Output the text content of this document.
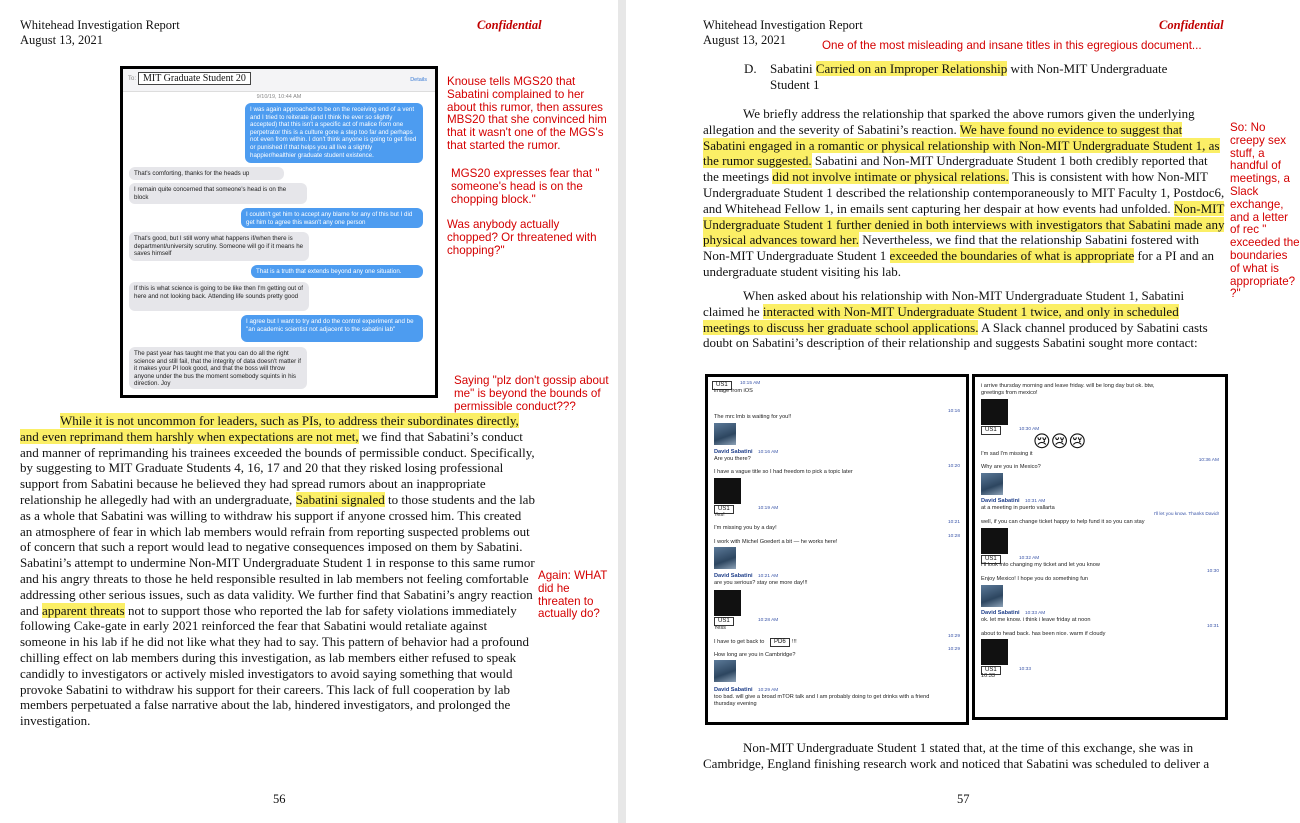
Whitehead Investigation Report
August 13, 2021
Confidential
To: MIT Graduate Student 20	Details
9/10/19, 10:44 AM
I was again approached to be on the receiving end of a vent and I tried to reiterate (and I think he ever so slightly accepted) that this isn't a specific act of malice from one perpetrator this is a culture gone a step too far and perhaps not even from within. I don't think anyone is going to get fired or punished if that helps you all live a slightly happier/healthier graduate student existence.
That's comforting, thanks for the heads up
I remain quite concerned that someone's head is on the block
I couldn't get him to accept any blame for any of this but I did get him to agree this wasn't any one person
That's good, but I still worry what happens if/when there is department/university scrutiny. Someone will go if it means he saves himself
That is a truth that extends beyond any one situation.
If this is what science is going to be like then I'm getting out of here and not looking back. Attending life sounds pretty good
I agree but I want to try and do the control experiment and be "an academic scientist not adjacent to the sabatini lab"
The past year has taught me that you can do all the right science and still fail, that the integrity of data doesn't matter if it makes your PI look good, and that the boss will throw anyone under the bus the moment somebody squints in his direction. Joy
Knouse tells MGS20 that Sabatini complained to her about this rumor, then assures MBS20 that she convinced him that it wasn't one of the MGS's that started the rumor.
MGS20 expresses fear that " someone's head is on the chopping block."
Was anybody actually chopped? Or threatened with chopping?"
Saying "plz don't gossip about me" is beyond the bounds of permissible conduct???

While it is not uncommon for leaders, such as PIs, to address their subordinates directly, and even reprimand them harshly when expectations are not met, we find that Sabatini’s conduct and manner of reprimanding his trainees exceeded the bounds of permissible conduct. Specifically, by suggesting to MIT Graduate Students 4, 16, 17 and 20 that they risked losing professional support from Sabatini because he believed they had spread rumors about an inappropriate relationship he allegedly had with an undergraduate, Sabatini signaled to those students and the lab as a whole that Sabatini was willing to withdraw his support if anyone crossed him. This created an atmosphere of fear in which lab members would refrain from reporting suspected problems out of concern that such a report would lead to negative consequences imposed on them by Sabatini. Sabatini’s attempt to undermine Non-MIT Undergraduate Student 1 in response to this same rumor and his angry threats to those he held responsible resulted in lab members not feeling comfortable addressing other serious issues, such as data validity. We further find that Sabatini’s angry reaction and apparent threats not to support those who reported the lab for safety violations immediately following Cake-gate in early 2021 reinforced the fear that Sabatini would retaliate against someone in his lab if he did not like what they had to say. This pattern of behavior had a profound chilling effect on lab members during this investigation, as lab members either refused to speak candidly to investigators or actively misled investigators to avoid saying something that would provoke Sabatini to withdraw his support for their careers. This lack of full cooperation by lab members perpetuated a false narrative about the lab, hindered investigators, and prolonged the investigation.

Again: WHAT did he threaten to actually do?
56
Whitehead Investigation Report
August 13, 2021
Confidential
One of the most misleading and insane titles in this egregious document...
D.	Sabatini Carried on an Improper Relationship with Non-MIT Undergraduate Student 1

We briefly address the relationship that sparked the above rumors given the underlying allegation and the severity of Sabatini’s reaction. We have found no evidence to suggest that Sabatini engaged in a romantic or physical relationship with Non-MIT Undergraduate Student 1, as the rumor suggested. Sabatini and Non-MIT Undergraduate Student 1 both credibly reported that the meetings did not involve intimate or physical relations. This is consistent with how Non-MIT Undergraduate Student 1 described the relationship contemporaneously to MIT Faculty 1, Postdoc6, and Whitehead Fellow 1, in emails sent capturing her despair at how events had unfolded. Non-MIT Undergraduate Student 1 further denied in both interviews with investigators that Sabatini made any physical advances toward her. Nevertheless, we find that the relationship Sabatini fostered with Non-MIT Undergraduate Student 1 exceeded the boundaries of what is appropriate for a PI and an undergraduate student visiting his lab.

When asked about his relationship with Non-MIT Undergraduate Student 1, Sabatini claimed he interacted with Non-MIT Undergraduate Student 1 twice, and only in scheduled meetings to discuss her graduate school applications. A Slack channel produced by Sabatini casts doubt on Sabatini’s description of their relationship and suggests Sabatini sought more contact:

So: No creepy sex stuff, a handful of meetings, a Slack exchange, and a letter of rec " exceeded the boundaries of what is appropriate? ?"
US1	10:15 AM
image from iOS
The mrc lmb is waiting for you!!
10:16
David Sabatini 10:16 AM
Are you there?
I have a vague title so I had freedom to pick a topic later
10:20
US1	10:19 AM
Yes!
I'm missing you by a day!
10:21
I work with Michel Goedert a bit — he works here!
10:28
David Sabatini 10:21 AM
are you serious? stay one more day!!!
US1	10:28 AM
Yess
I have to get back to	PD6	!!!
10:29
How long are you in Cambridge?
10:29
David Sabatini 10:29 AM
too bad. will give a broad mTOR talk and I am probably doing to get drinks with a friend thursday evening
i arrive thursday morning and leave friday. will be long day but ok. btw, greetings from mexico!
US1	10:30 AM
😢😢😢
I'm sad I'm missing it
10:36 AM
Why are you in Mexico?
David Sabatini 10:31 AM
at a meeting in puerto vallarta
I'll let you know. Thanks David!
well, if you can change ticket happy to help fund it so you can stay
US1	10:32 AM
I'll look into changing my ticket and let you know
10:30
Enjoy Mexico! I hope you do something fun
David Sabatini 10:33 AM
ok. let me know. i think i leave friday at noon
10:31
about to head back. has been nice. warm if cloudy
US1	10:33
10:33

Non-MIT Undergraduate Student 1 stated that, at the time of this exchange, she was in Cambridge, England finishing research work and noticed that Sabatini was scheduled to deliver a

57
